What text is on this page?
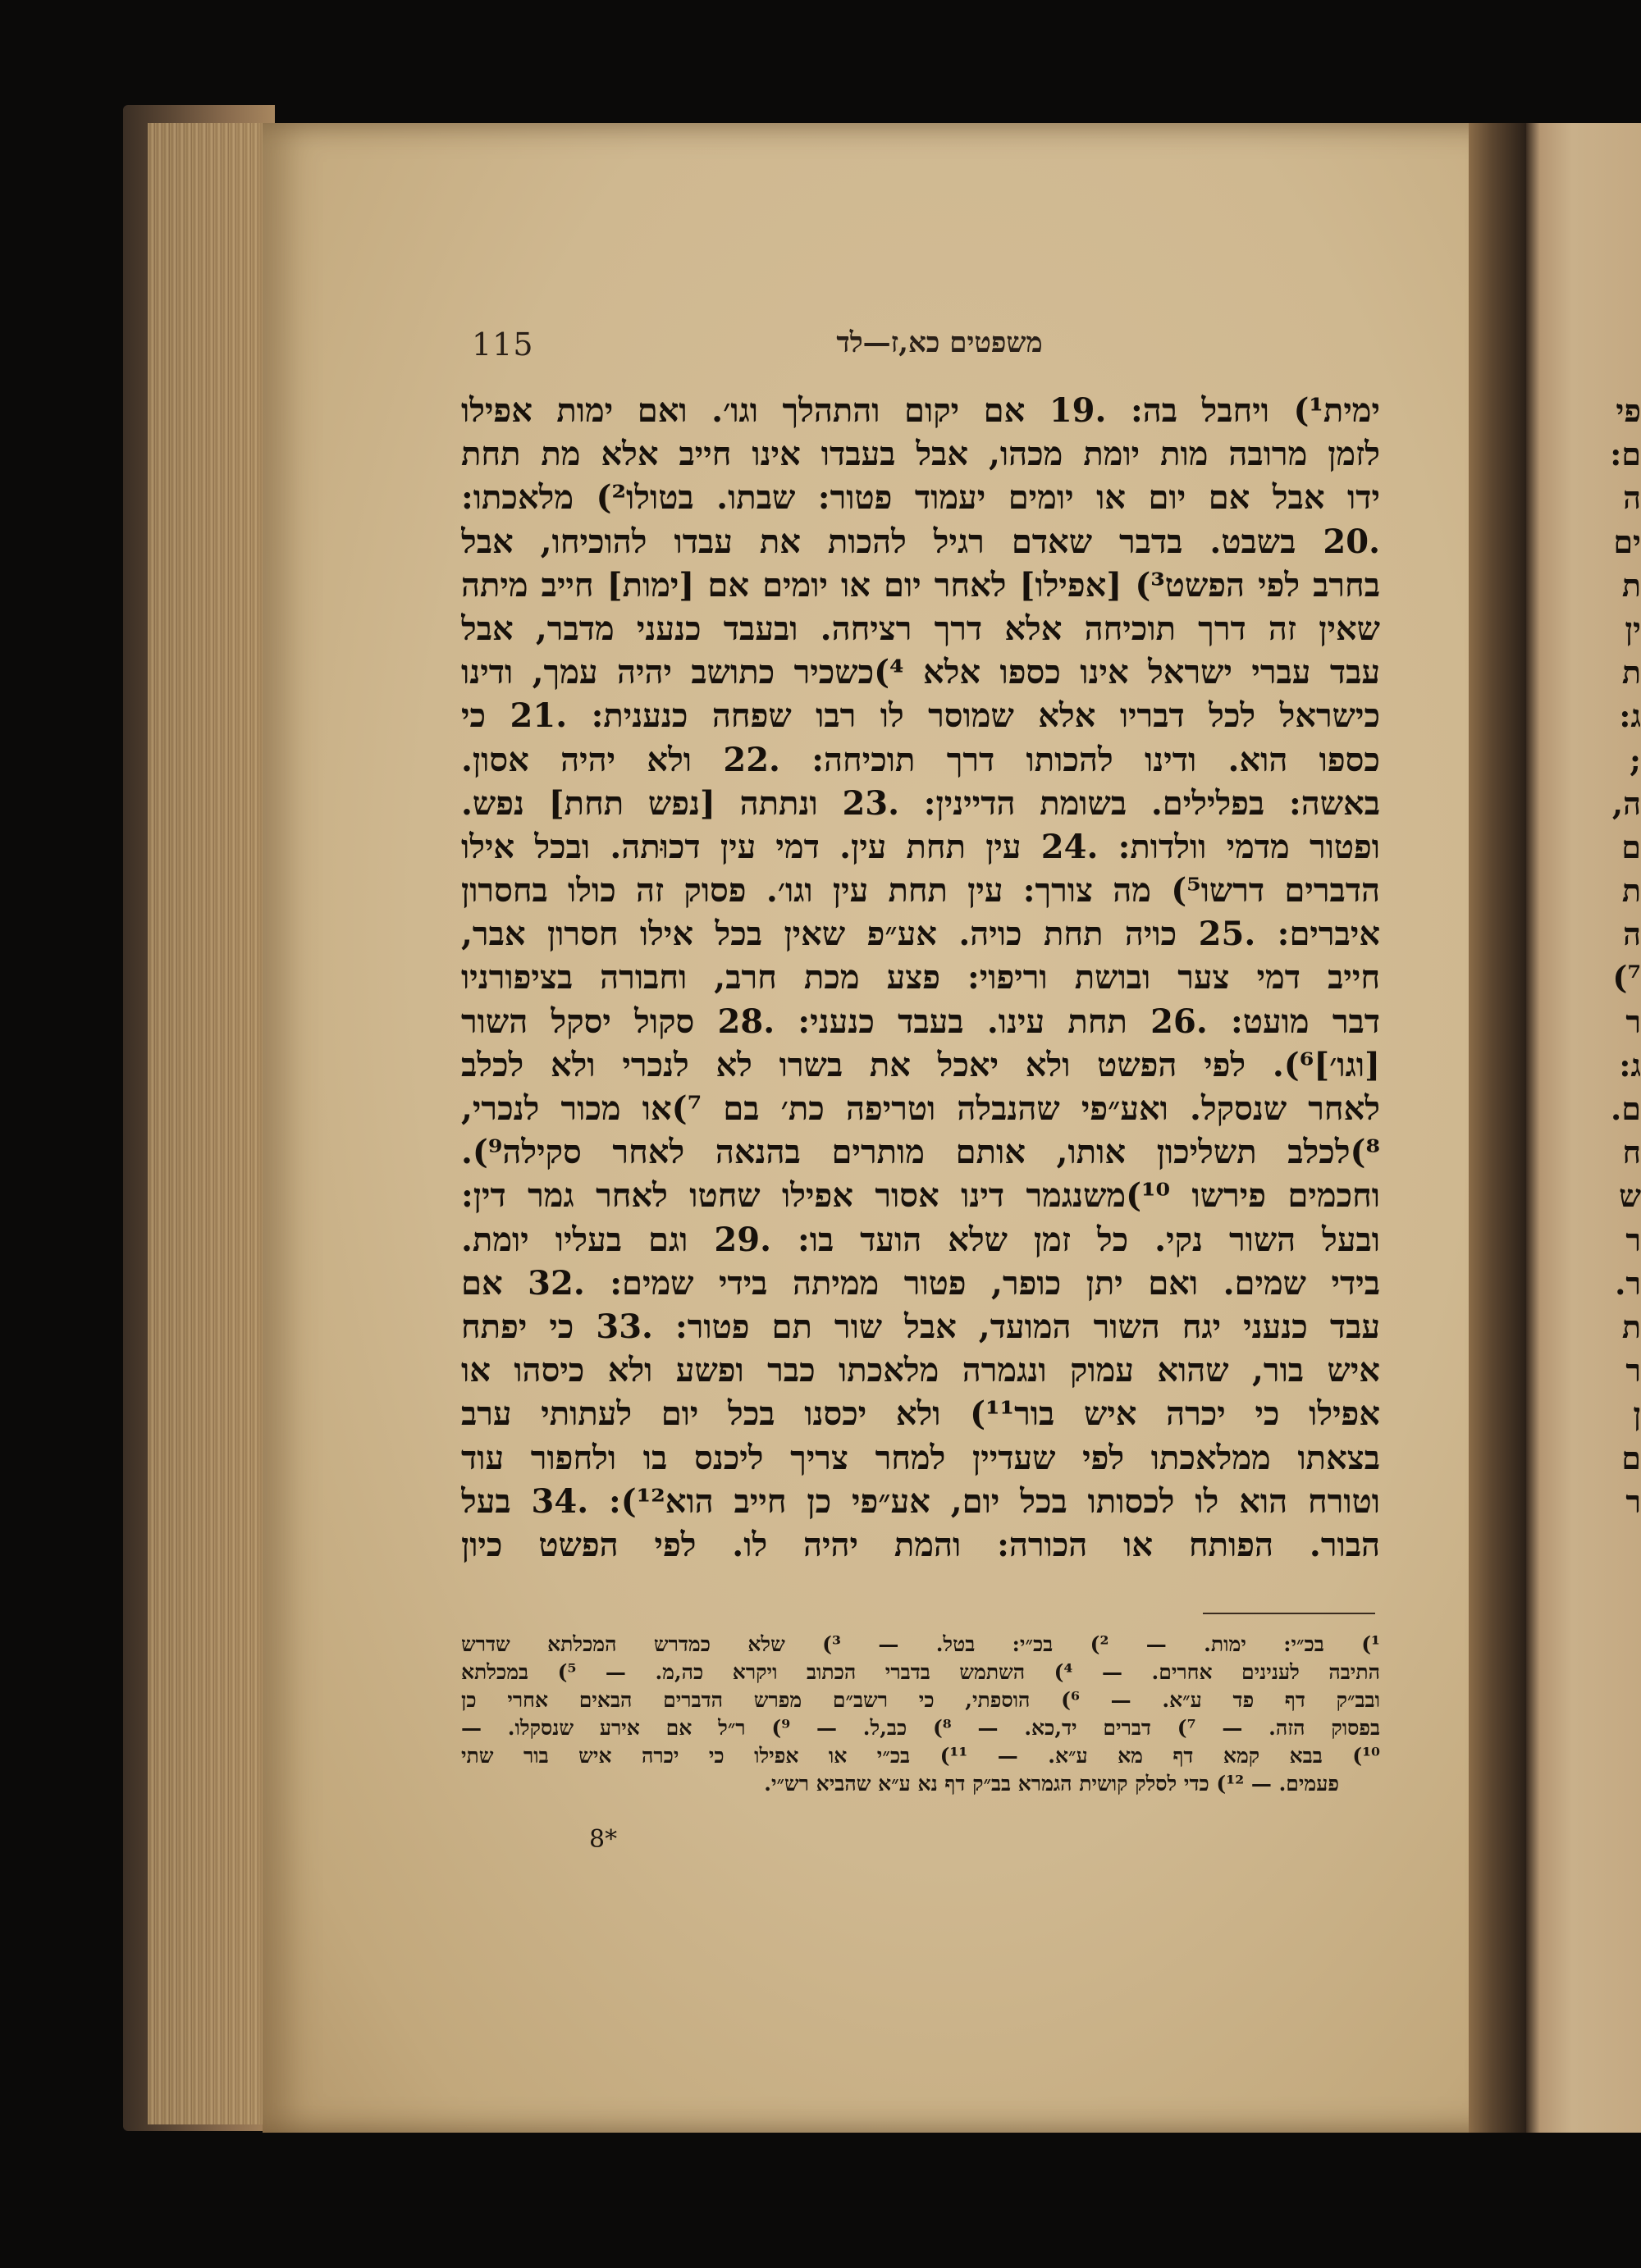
115	משפטים כא,ז—לד
ימית¹) ויחבל בה: .19 אם יקום והתהלך וגו׳. ואם ימות אפילו
לזמן מרובה מות יומת מכהו, אבל בעבדו אינו חייב אלא מת תחת
ידו אבל אם יום או יומים יעמוד פטור: שבתו. בטולו²) מלאכתו:
.20 בשבט. בדבר שאדם רגיל להכות את עבדו להוכיחו, אבל
בחרב לפי הפשט³) [אפילו] לאחר יום או יומים אם [ימות] חייב מיתה
שאין זה דרך תוכיחה אלא דרך רציחה. ובעבד כנעני מדבר, אבל
עבד עברי ישראל אינו כספו אלא ⁴)כשכיר כתושב יהיה עמך, ודינו
כישראל לכל דבריו אלא שמוסר לו רבו שפחה כנענית: .21 כי
כספו הוא. ודינו להכותו דרך תוכיחה: .22 ולא יהיה אסון.
באשה: בפלילים. בשומת הדיינין: .23 ונתתה [נפש תחת] נפש.
ופטור מדמי וולדות: .24 עין תחת עין. דמי עין דכוּתה. ובכל אילו
הדברים דרשו⁵) מה צורך: עין תחת עין וגו׳. פסוק זה כולו בחסרון
איברים: .25 כויה תחת כויה. אע״פ שאין בכל אילו חסרון אבר,
חייב דמי צער ובושת וריפוי: פצע מכת חרב, וחבורה בציפורניו
דבר מועט: .26 תחת עינו. בעבד כנעני: .28 סקול יסקל השור
[וגו׳]⁶). לפי הפשט ולא יאכל את בשרו לא לנכרי ולא לכלב
לאחר שנסקל. ואע״פי שהנבלה וטריפה כת׳ בם ⁷)או מכור לנכרי,
⁸)לכלב תשליכון אותו, אותם מותרים בהנאה לאחר סקילה⁹).
וחכמים פירשו ¹⁰)משנגמר דינו אסור אפילו שחטו לאחר גמר דין:
ובעל השור נקי. כל זמן שלא הועד בו: .29 וגם בעליו יומת.
בידי שמים. ואם יתן כופר, פטור ממיתה בידי שמים: .32 אם
עבד כנעני יגח השור המועד, אבל שור תם פטור: .33 כי יפתח
איש בור, שהוא עמוק ונגמרה מלאכתו כבר ופשע ולא כיסהו או
אפילו כי יכרה איש בור¹¹) ולא יכסנו בכל יום לעתותי ערב
בצאתו ממלאכתו לפי שעדיין למחר צריך ליכנס בו ולחפור עוד
וטורח הוא לו לכסותו בכל יום, אע״פי כן חייב הוא¹²): .34 בעל
הבור. הפותח או הכורה: והמת יהיה לו. לפי הפשט כיון
¹) בכ״י: ימות. — ²) בכ״י: בטל. — ³) שלא כמדרש המכלתא שדרש
התיבה לענינים אחרים. — ⁴) השתמש בדברי הכתוב ויקרא כה,מ. — ⁵) במכלתא
ובב״ק דף פד ע״א. — ⁶) הוספתי, כי רשב״ם מפרש הדברים הבאים אחרי כן
בפסוק הזה. — ⁷) דברים יד,כא. — ⁸) כב,ל. — ⁹) ר״ל אם אירע שנסקלו. —
¹⁰) בבא קמא דף מא ע״א. — ¹¹) בכ״י או אפילו כי יכרה איש בור שתי
פעמים. — ¹²) כדי לסלק קושית הגמרא בב״ק דף נא ע״א שהביא רש״י.
8*
פי
ם:
ה
ים
ת
ין
ת
ג:
;
ה,
ם
ת
ה
⁷)
ר
ג:
ם.
ח
ש
ר
ר.
ת
ר
ן
ם
ר
